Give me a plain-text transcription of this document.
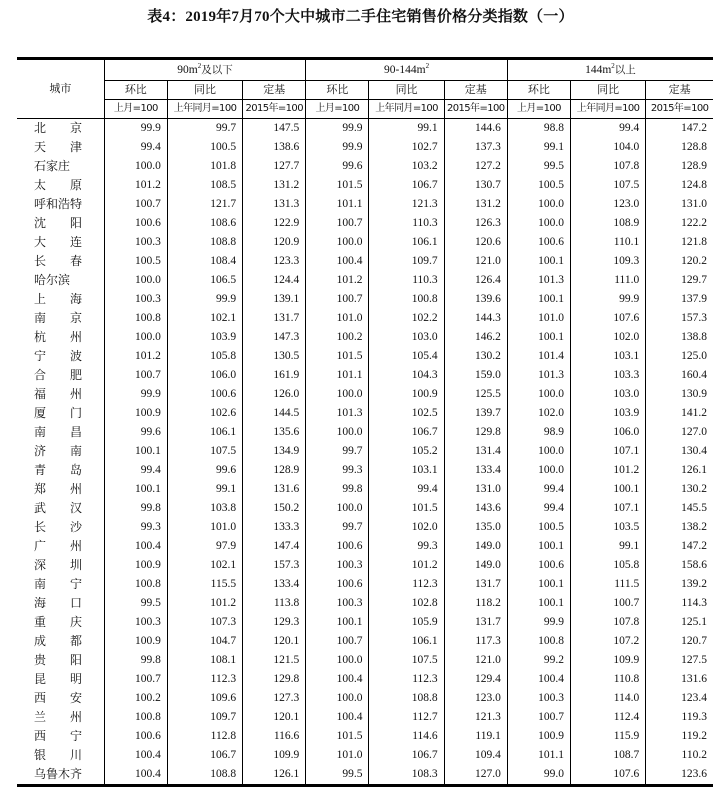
表4：2019年7月70个大中城市二手住宅销售价格分类指数（一）
城市	$90m^2$及以下			$90-144m^2$			$144m^2$以上		
	环比	同比	定基	环比	同比	定基	环比	同比	定基
	上月=100	上年同月=100	2015年=100	上月=100	上年同月=100	2015年=100	上月=100	上年同月=100	2015年=100
北　　京	99.9	99.7	147.5	99.9	99.1	144.6	98.8	99.4	147.2
天　　津	99.4	100.5	138.6	99.9	102.7	137.3	99.1	104.0	128.8
石家庄	100.0	101.8	127.7	99.6	103.2	127.2	99.5	107.8	128.9
太　　原	101.2	108.5	131.2	101.5	106.7	130.7	100.5	107.5	124.8
呼和浩特	100.7	121.7	131.3	101.1	121.3	131.2	100.0	123.0	131.0
沈　　阳	100.6	108.6	122.9	100.7	110.3	126.3	100.0	108.9	122.2
大　　连	100.3	108.8	120.9	100.0	106.1	120.6	100.6	110.1	121.8
长　　春	100.5	108.4	123.3	100.4	109.7	121.0	100.1	109.3	120.2
哈尔滨	100.0	106.5	124.4	101.2	110.3	126.4	101.3	111.0	129.7
上　　海	100.3	99.9	139.1	100.7	100.8	139.6	100.1	99.9	137.9
南　　京	100.8	102.1	131.7	101.0	102.2	144.3	101.0	107.6	157.3
杭　　州	100.0	103.9	147.3	100.2	103.0	146.2	100.1	102.0	138.8
宁　　波	101.2	105.8	130.5	101.5	105.4	130.2	101.4	103.1	125.0
合　　肥	100.7	106.0	161.9	101.1	104.3	159.0	101.3	103.3	160.4
福　　州	99.9	100.6	126.0	100.0	100.9	125.5	100.0	103.0	130.9
厦　　门	100.9	102.6	144.5	101.3	102.5	139.7	102.0	103.9	141.2
南　　昌	99.6	106.1	135.6	100.0	106.7	129.8	98.9	106.0	127.0
济　　南	100.1	107.5	134.9	99.7	105.2	131.4	100.0	107.1	130.4
青　　岛	99.4	99.6	128.9	99.3	103.1	133.4	100.0	101.2	126.1
郑　　州	100.1	99.1	131.6	99.8	99.4	131.0	99.4	100.1	130.2
武　　汉	99.8	103.8	150.2	100.0	101.5	143.6	99.4	107.1	145.5
长　　沙	99.3	101.0	133.3	99.7	102.0	135.0	100.5	103.5	138.2
广　　州	100.4	97.9	147.4	100.6	99.3	149.0	100.1	99.1	147.2
深　　圳	100.9	102.1	157.3	100.3	101.2	149.0	100.6	105.8	158.6
南　　宁	100.8	115.5	133.4	100.6	112.3	131.7	100.1	111.5	139.2
海　　口	99.5	101.2	113.8	100.3	102.8	118.2	100.1	100.7	114.3
重　　庆	100.3	107.3	129.3	100.1	105.9	131.7	99.9	107.8	125.1
成　　都	100.9	104.7	120.1	100.7	106.1	117.3	100.8	107.2	120.7
贵　　阳	99.8	108.1	121.5	100.0	107.5	121.0	99.2	109.9	127.5
昆　　明	100.7	112.3	129.8	100.4	112.3	129.4	100.4	110.8	131.6
西　　安	100.2	109.6	127.3	100.0	108.8	123.0	100.3	114.0	123.4
兰　　州	100.8	109.7	120.1	100.4	112.7	121.3	100.7	112.4	119.3
西　　宁	100.6	112.8	116.6	101.5	114.6	119.1	100.9	115.9	119.2
银　　川	100.4	106.7	109.9	101.0	106.7	109.4	101.1	108.7	110.2
乌鲁木齐	100.4	108.8	126.1	99.5	108.3	127.0	99.0	107.6	123.6
